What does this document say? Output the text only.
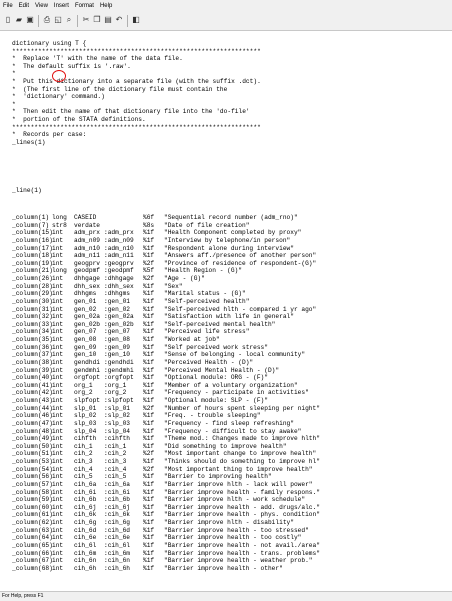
File Edit View Insert Format Help
▯ ▰ ▣ ⎙ ◱ ⌕	✂ ❐ ▤ ↶ ◧
dictionary using T {
*******************************************************************
*  Replace 'T' with the name of the data file.
*  The default suffix is '.raw'.
*
*  Put this dictionary into a separate file (with the suffix .dct).
*  (The first line of the dictionary file must contain the
*  'dictionary' command.)
*
*  Then edit the name of that dictionary file into the 'do-file'
*  portion of the STATA definitions.
*******************************************************************
*  Records per case:
_lines(1)
_line(1)
_column(1) long CASEID	%6f "Sequential record number (adm_rno)"
_column(7) str8 verdate	%8s "Date of file creation"
_column(15) int adm_prx :adm_prx %1f "Health Component completed by proxy"
_column(16) int adm_n09 :adm_n09 %1f "Interview by telephone/in person"
_column(17) int adm_n10 :adm_n10 %1f "Respondent alone during interview"
_column(18) int adm_n11 :adm_n11 %1f "Answers aff./presence of another person"
_column(19) int geogprv :geogprv %2f "Province of residence of respondent-(G)"
_column(21) long geodpmf :geodpmf %5f "Health Region - (G)"
_column(26) int dhhgage :dhhgage %2f "Age - (G)"
_column(28) int dhh_sex :dhh_sex %1f "Sex"
_column(29) int dhhgms :dhhgms %1f "Marital status - (G)"
_column(30) int gen_01 :gen_01 %1f "Self-perceived health"
_column(31) int gen_02 :gen_02 %1f "Self-perceived hlth - compared 1 yr ago"
_column(32) int gen_02a :gen_02a %1f "Satisfaction with life in general"
_column(33) int gen_02b :gen_02b %1f "Self-perceived mental health"
_column(34) int gen_07 :gen_07 %1f "Perceived life stress"
_column(35) int gen_08 :gen_08 %1f "Worked at job"
_column(36) int gen_09 :gen_09 %1f "Self perceived work stress"
_column(37) int gen_10 :gen_10 %1f "Sense of belonging - local community"
_column(38) int gendhdi :gendhdi %1f "Perceived Health - (D)"
_column(39) int gendmhi :gendmhi %1f "Perceived Mental Health - (D)"
_column(40) int orgfopt :orgfopt %1f "Optional module: ORG - (F)"
_column(41) int org_1 :org_1	%1f "Member of a voluntary organization"
_column(42) int org_2 :org_2	%1f "Frequency - participate in activities"
_column(43) int slpfopt :slpfopt %1f "Optional module: SLP - (F)"
_column(44) int slp_01 :slp_01 %2f "Number of hours spent sleeping per night"
_column(46) int slp_02 :slp_02 %1f "Freq. - trouble sleeping"
_column(47) int slp_03 :slp_03 %1f "Frequency - find sleep refreshing"
_column(48) int slp_04 :slp_04 %1f "Frequency - difficult to stay awake"
_column(49) int cihfth :cihfth %1f "Theme mod.: Changes made to improve hlth"
_column(50) int cih_1 :cih_1	%1f "Did something to improve health"
_column(51) int cih_2 :cih_2	%2f "Most important change to improve health"
_column(53) int cih_3 :cih_3	%1f "Thinks should do something to improve hl"
_column(54) int cih_4 :cih_4	%2f "Most important thing to improve health"
_column(56) int cih_5 :cih_5	%1f "Barrier to improving health"
_column(57) int cih_6a :cih_6a %1f "Barrier improve hlth - lack will power"
_column(58) int cih_6i :cih_6i %1f "Barrier improve health - family respons."
_column(59) int cih_6b :cih_6b %1f "Barrier improve hlth - work schedule"
_column(60) int cih_6j :cih_6j %1f "Barrier improve health - add. drugs/alc."
_column(61) int cih_6k :cih_6k %1f "Barrier improve health - phys. condition"
_column(62) int cih_6g :cih_6g %1f "Barrier improve hlth - disability"
_column(63) int cih_6d :cih_6d %1f "Barrier improve health - too stressed"
_column(64) int cih_6e :cih_6e %1f "Barrier improve health - too costly"
_column(65) int cih_6l :cih_6l %1f "Barrier improve health - not avail./area"
_column(66) int cih_6m :cih_6m %1f "Barrier improve health - trans. problems"
_column(67) int cih_6n :cih_6n %1f "Barrier improve health - weather prob."
_column(68) int cih_6h :cih_6h %1f "Barrier improve health - other"
For Help, press F1
